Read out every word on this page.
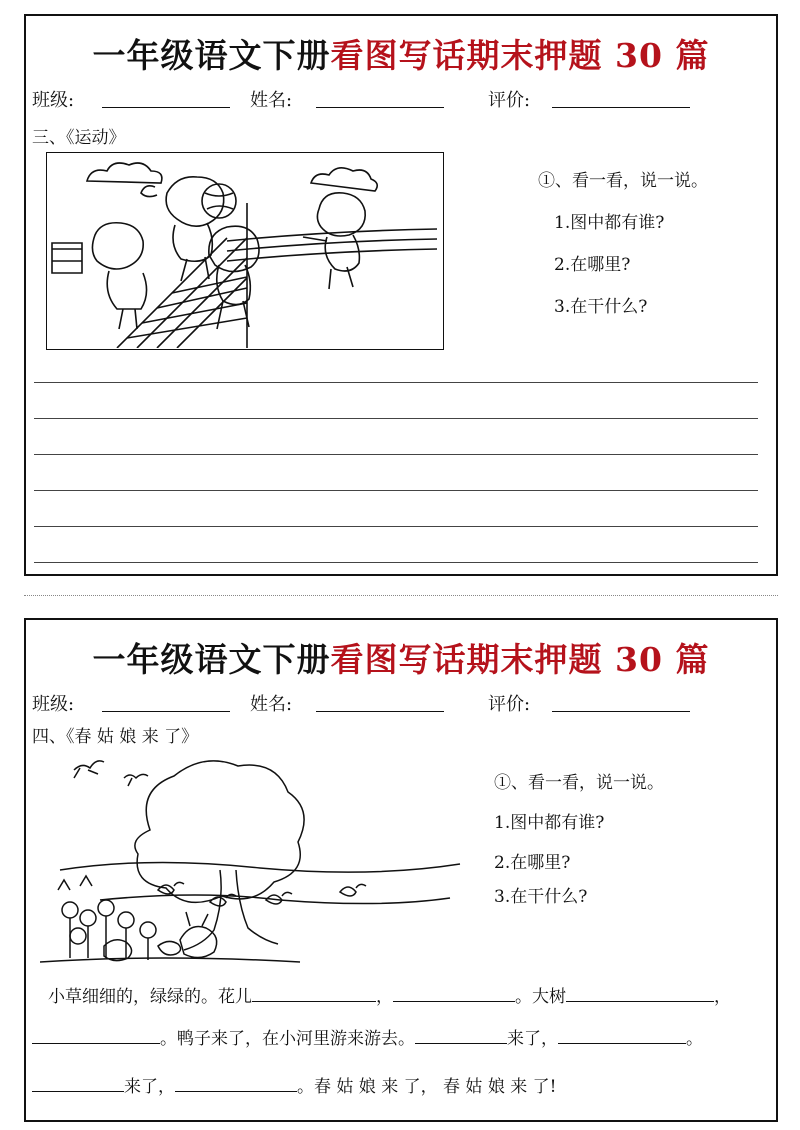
一年级语文下册看图写话期末押题 30 篇
班级:	姓名:	评价:
三、《运动》
①、看一看，说一说。
1.图中都有谁?
2.在哪里?
3.在干什么?
一年级语文下册看图写话期末押题 30 篇
班级:	姓名:	评价:
四、《春 姑 娘 来 了》
①、看一看，说一说。
1.图中都有谁?
2.在哪里?
3.在干什么?
小草细细的，绿绿的。花儿	，	。大树	，
。鸭子来了，在小河里游来游去。	来了，	。
来了，	。春 姑 娘 来 了， 春 姑 娘 来 了!
